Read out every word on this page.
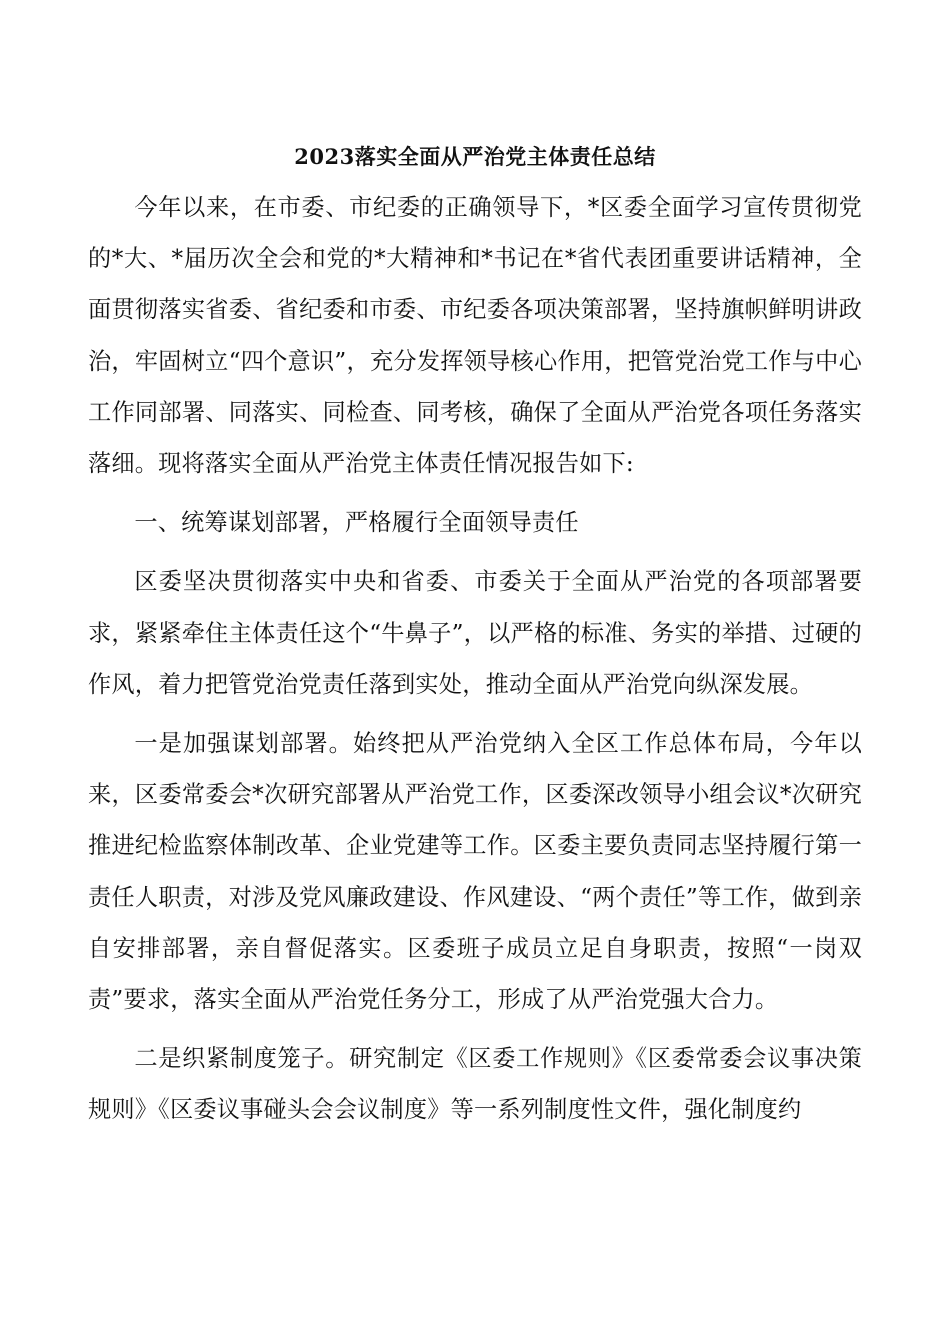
2023落实全面从严治党主体责任总结

今年以来，在市委、市纪委的正确领导下，*区委全面学习宣传贯彻党的*大、*届历次全会和党的*大精神和*书记在*省代表团重要讲话精神，全面贯彻落实省委、省纪委和市委、市纪委各项决策部署，坚持旗帜鲜明讲政治，牢固树立“四个意识”，充分发挥领导核心作用，把管党治党工作与中心工作同部署、同落实、同检查、同考核，确保了全面从严治党各项任务落实落细。现将落实全面从严治党主体责任情况报告如下:

一、统筹谋划部署，严格履行全面领导责任

区委坚决贯彻落实中央和省委、市委关于全面从严治党的各项部署要求，紧紧牵住主体责任这个“牛鼻子”，以严格的标准、务实的举措、过硬的作风，着力把管党治党责任落到实处，推动全面从严治党向纵深发展。

一是加强谋划部署。始终把从严治党纳入全区工作总体布局，今年以来，区委常委会*次研究部署从严治党工作，区委深改领导小组会议*次研究推进纪检监察体制改革、企业党建等工作。区委主要负责同志坚持履行第一责任人职责，对涉及党风廉政建设、作风建设、“两个责任”等工作，做到亲自安排部署，亲自督促落实。区委班子成员立足自身职责，按照“一岗双责”要求，落实全面从严治党任务分工，形成了从严治党强大合力。

二是织紧制度笼子。研究制定《区委工作规则》《区委常委会议事决策规则》《区委议事碰头会会议制度》等一系列制度性文件，强化制度约
